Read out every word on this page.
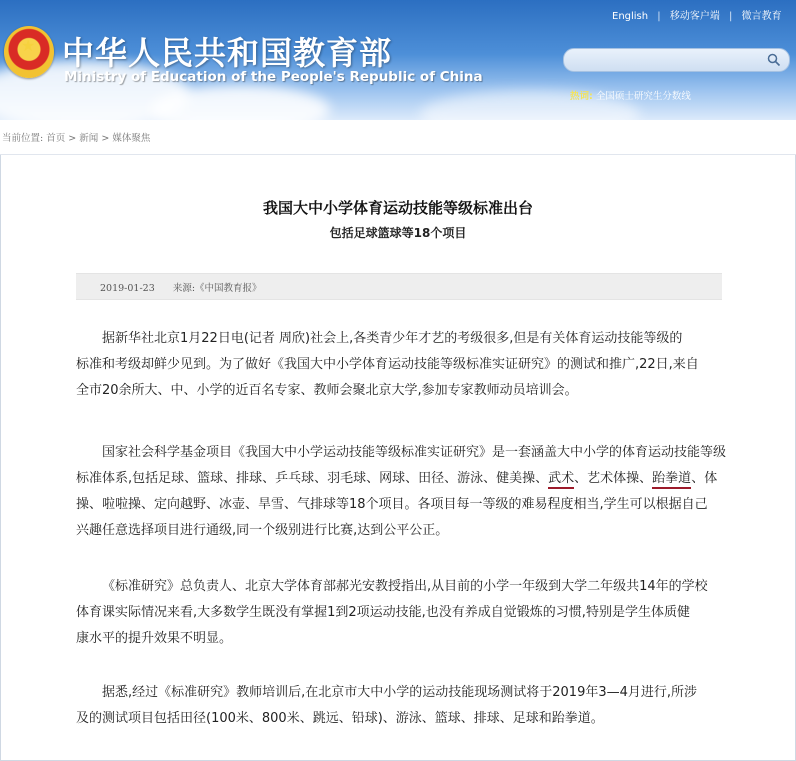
★ 中华人民共和国教育部
Ministry of Education of the People's Republic of China
English | 移动客户端 | 微言教育
热词: 全国硕士研究生分数线
当前位置: 首页 > 新闻 > 媒体聚焦
我国大中小学体育运动技能等级标准出台
包括足球篮球等18个项目
2019-01-23 来源:《中国教育报》
据新华社北京1月22日电(记者 周欣)社会上,各类青少年才艺的考级很多,但是有关体育运动技能等级的
标准和考级却鲜少见到。为了做好《我国大中小学体育运动技能等级标准实证研究》的测试和推广,22日,来自
全市20余所大、中、小学的近百名专家、教师会聚北京大学,参加专家教师动员培训会。
国家社会科学基金项目《我国大中小学运动技能等级标准实证研究》是一套涵盖大中小学的体育运动技能等级
标准体系,包括足球、篮球、排球、乒乓球、羽毛球、网球、田径、游泳、健美操、武术、艺术体操、跆拳道、体
操、啦啦操、定向越野、冰壶、旱雪、气排球等18个项目。各项目每一等级的难易程度相当,学生可以根据自己
兴趣任意选择项目进行通级,同一个级别进行比赛,达到公平公正。
《标准研究》总负责人、北京大学体育部郝光安教授指出,从目前的小学一年级到大学二年级共14年的学校
体育课实际情况来看,大多数学生既没有掌握1到2项运动技能,也没有养成自觉锻炼的习惯,特别是学生体质健
康水平的提升效果不明显。
据悉,经过《标准研究》教师培训后,在北京市大中小学的运动技能现场测试将于2019年3—4月进行,所涉
及的测试项目包括田径(100米、800米、跳远、铅球)、游泳、篮球、排球、足球和跆拳道。
